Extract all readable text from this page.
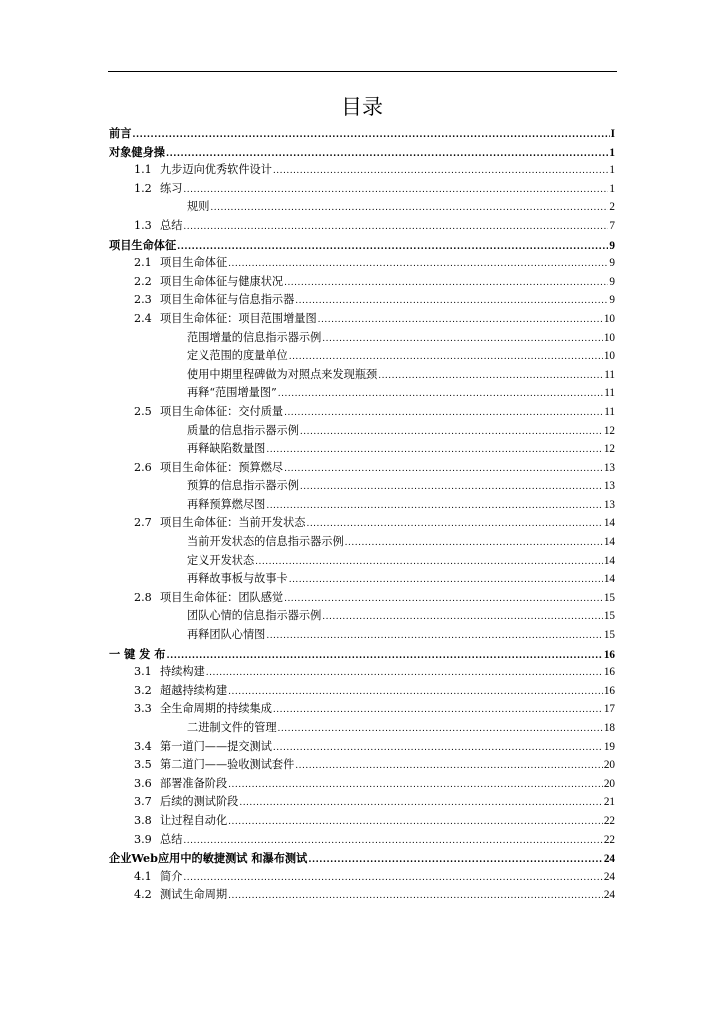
目录
前言 .....	I
对象健身操 .....	1
1.1 九步迈向优秀软件设计 .....	1
1.2 练习 .....	1
规则 .....	2
1.3 总结 .....	7
项目生命体征 .....	9
2.1 项目生命体征 .....	9
2.2 项目生命体征与健康状况 .....	9
2.3 项目生命体征与信息指示器 .....	9
2.4 项目生命体征：项目范围增量图 .....	10
范围增量的信息指示器示例 .....	10
定义范围的度量单位 .....	10
使用中期里程碑做为对照点来发现瓶颈 .....	11
再释“范围增量图” .....	11
2.5 项目生命体征：交付质量 .....	11
质量的信息指示器示例 .....	12
再释缺陷数量图 .....	12
2.6 项目生命体征：预算燃尽 .....	13
预算的信息指示器示例 .....	13
再释预算燃尽图 .....	13
2.7 项目生命体征：当前开发状态 .....	14
当前开发状态的信息指示器示例 .....	14
定义开发状态 .....	14
再释故事板与故事卡 .....	14
2.8 项目生命体征：团队感觉 .....	15
团队心情的信息指示器示例 .....	15
再释团队心情图 .....	15
一 键 发 布 .....	16
3.1 持续构建 .....	16
3.2 超越持续构建 .....	16
3.3 全生命周期的持续集成 .....	17
二进制文件的管理 .....	18
3.4 第一道门——提交测试 .....	19
3.5 第二道门——验收测试套件 .....	20
3.6 部署准备阶段 .....	20
3.7 后续的测试阶段 .....	21
3.8 让过程自动化 .....	22
3.9 总结 .....	22
企业Web应用中的敏捷测试 和瀑布测试 .....	24
4.1 简介 .....	24
4.2 测试生命周期 .....	24
